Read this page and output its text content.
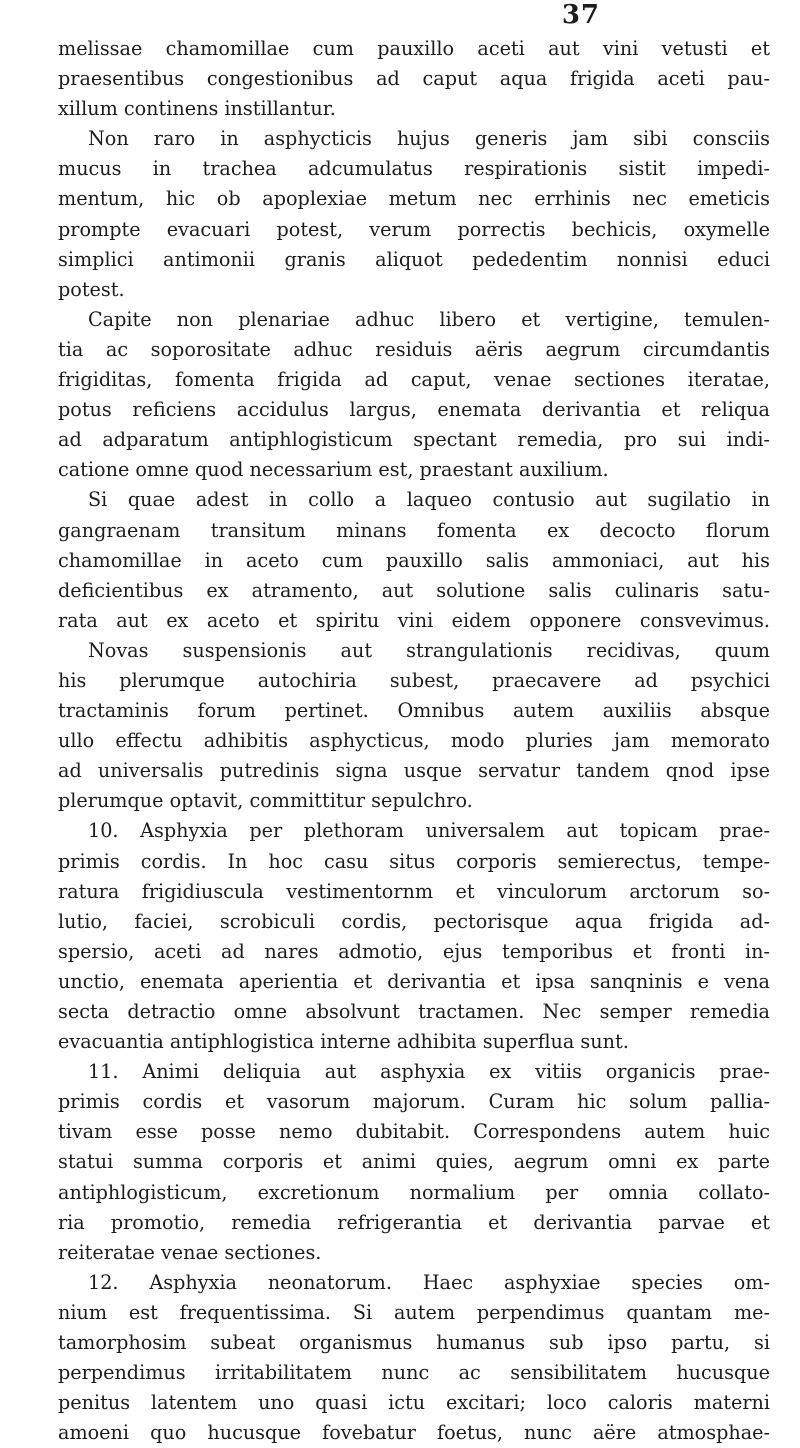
37
melissae chamomillae cum pauxillo aceti aut vini vetusti et
praesentibus congestionibus ad caput aqua frigida aceti pau-
xillum continens instillantur.
Non raro in asphycticis hujus generis jam sibi consciis
mucus in trachea adcumulatus respirationis sistit impedi-
mentum, hic ob apoplexiae metum nec errhinis nec emeticis
prompte evacuari potest, verum porrectis bechicis, oxymelle
simplici antimonii granis aliquot pededentim nonnisi educi
potest.
Capite non plenariae adhuc libero et vertigine, temulen-
tia ac soporositate adhuc residuis aëris aegrum circumdantis
frigiditas, fomenta frigida ad caput, venae sectiones iteratae,
potus reficiens accidulus largus, enemata derivantia et reliqua
ad adparatum antiphlogisticum spectant remedia, pro sui indi-
catione omne quod necessarium est, praestant auxilium.
Si quae adest in collo a laqueo contusio aut sugilatio in
gangraenam transitum minans fomenta ex decocto florum
chamomillae in aceto cum pauxillo salis ammoniaci, aut his
deficientibus ex atramento, aut solutione salis culinaris satu-
rata aut ex aceto et spiritu vini eidem opponere consvevimus.
Novas suspensionis aut strangulationis recidivas, quum
his plerumque autochiria subest, praecavere ad psychici
tractaminis forum pertinet. Omnibus autem auxiliis absque
ullo effectu adhibitis asphycticus, modo pluries jam memorato
ad universalis putredinis signa usque servatur tandem qnod ipse
plerumque optavit, committitur sepulchro.
10. Asphyxia per plethoram universalem aut topicam prae-
primis cordis. In hoc casu situs corporis semierectus, tempe-
ratura frigidiuscula vestimentornm et vinculorum arctorum so-
lutio, faciei, scrobiculi cordis, pectorisque aqua frigida ad-
spersio, aceti ad nares admotio, ejus temporibus et fronti in-
unctio, enemata aperientia et derivantia et ipsa sanqninis e vena
secta detractio omne absolvunt tractamen. Nec semper remedia
evacuantia antiphlogistica interne adhibita superflua sunt.
11. Animi deliquia aut asphyxia ex vitiis organicis prae-
primis cordis et vasorum majorum. Curam hic solum pallia-
tivam esse posse nemo dubitabit. Correspondens autem huic
statui summa corporis et animi quies, aegrum omni ex parte
antiphlogisticum, excretionum normalium per omnia collato-
ria promotio, remedia refrigerantia et derivantia parvae et
reiteratae venae sectiones.
12. Asphyxia neonatorum. Haec asphyxiae species om-
nium est frequentissima. Si autem perpendimus quantam me-
tamorphosim subeat organismus humanus sub ipso partu, si
perpendimus irritabilitatem nunc ac sensibilitatem hucusque
penitus latentem uno quasi ictu excitari; loco caloris materni
amoeni quo hucusque fovebatur foetus, nunc aëre atmosphae-
